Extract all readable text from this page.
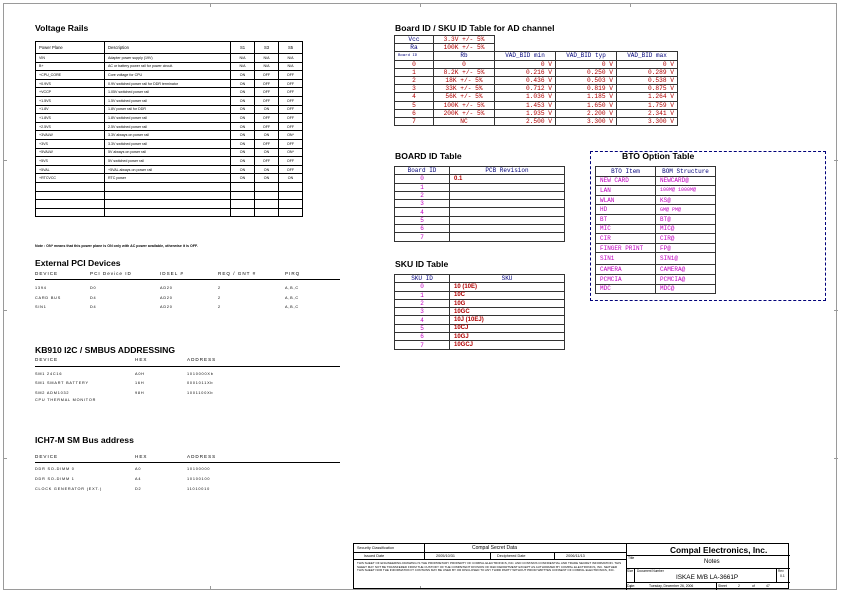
Voltage Rails
Power Plane	Description	S1	S3	S5
VIN	Adapter power supply (19V)	N/A	N/A	N/A
B+	AC or battery power rail for power circuit.	N/A	N/A	N/A
+CPU_CORE	Core voltage for CPU	ON	OFF	OFF
+0.9VS	0.9V switched power rail for DDR terminator	ON	OFF	OFF
+VCCP	1.05V switched power rail	ON	OFF	OFF
+1.5VS	1.5V switched power rail	ON	OFF	OFF
+1.8V	1.8V power rail for DDR	ON	ON	OFF
+1.8VS	1.8V switched power rail	ON	OFF	OFF
+2.5VS	2.5V switched power rail	ON	OFF	OFF
+3VALW	3.3V always on power rail	ON	ON	ON*
+3VS	3.3V switched power rail	ON	OFF	OFF
+5VALW	5V always on power rail	ON	ON	ON*
+5VS	5V switched power rail	ON	OFF	OFF
+5VAL	+5VAL always on power rail	ON	ON	OFF
+RTCVCC	RTC power	ON	ON	ON

Note : ON* means that this power plane is ON only with AC power available, otherwise it is OFF.
External PCI Devices
DEVICE	PCI Device ID	IDSEL #	REQ / GNT #	PIRQ
1394	D0	AD20	2	A,B,C
CARD BUS	D4	AD20	2	A,B,C
SIN1	D4	AD20	2	A,B,C
KB910 I2C / SMBUS ADDRESSING
DEVICE	HEX	ADDRESS
SM1 24C16	A0H	1010000Xb
SM1 SMART BATTERY	16H	0001011Xb
SM2 ADM1032	98H	1001100Xb
CPU THERMAL MONITOR
ICH7-M SM Bus address
DEVICE	HEX	ADDRESS
DDR SO-DIMM 0	A0	10100000
DDR SO-DIMM 1	A4	10100100
CLOCK GENERATOR (EXT.)	D2	11010010
Board ID / SKU ID Table for AD channel
Vcc	3.3V +/- 5%			
Ra	100K +/- 5%			
Board ID	Rb	VAD_BID min	VAD_BID typ	VAD_BID max
0	0	0 V	0 V	0 V
1	8.2K +/- 5%	0.216 V	0.250 V	0.289 V
2	18K +/- 5%	0.436 V	0.503 V	0.538 V
3	33K +/- 5%	0.712 V	0.819 V	0.875 V
4	56K +/- 5%	1.036 V	1.185 V	1.264 V
5	100K +/- 5%	1.453 V	1.650 V	1.759 V
6	200K +/- 5%	1.935 V	2.200 V	2.341 V
7	NC	2.500 V	3.300 V	3.300 V
BOARD ID Table
Board ID	PCB Revision
0	0.1
1	
2	
3	
4	
5	
6	
7	
SKU ID Table
SKU ID	SKU
0	10 (10E)
1	10C
2	10G
3	10GC
4	10J (10EJ)
5	10CJ
6	10GJ
7	10GCJ
BTO Option Table
BTO Item	BOM Structure
NEW CARD	NEWCARD@
LAN	100M@ 1000M@
WLAN	KS@
HD	GM@ PM@
BT	BT@
MIC	MIC@
CIR	CIR@
FINGER PRINT	FP@
SIN1	SIN1@
CAMERA	CAMERA@
PCMCIA	PCMCIA@
MDC	MDC@
Security Classification	Compal Secret Data
Issued Date	2005/10/31	Deciphered Date	2006/11/13
THIS SHEET OF ENGINEERING DRAWING IS THE PROPRIETARY PROPERTY OF COMPAL ELECTRONICS, INC. AND CONTAINS CONFIDENTIAL AND TRADE SECRET INFORMATION. THIS SHEET MAY NOT BE TRANSFERED FROM THE CUSTODY OF THE COMPETENT DIVISION OF R&D DEPARTMENT EXCEPT AS AUTHORIZED BY COMPAL ELECTRONICS, INC. NEITHER THIS SHEET NOR THE INFORMATION IT CONTAINS MAY BE USED BY OR DISCLOSED TO ANY THIRD PARTY WITHOUT PRIOR WRITTEN CONSENT OF COMPAL ELECTRONICS, INC.
Compal Electronics, Inc.
Title
Notes
Size Document Number
ISKAE M/B LA-3661P
Rev
0.1
Date:	Tuesday, December 26, 2006	Sheet	2	of	47
